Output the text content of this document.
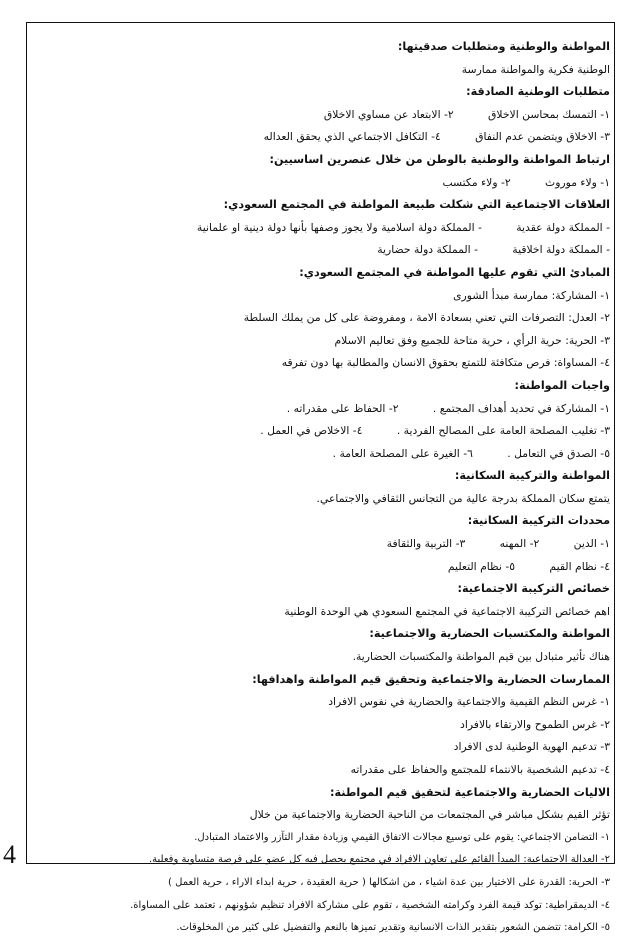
المواطنة والوطنية ومتطلبات صدقيتها:
الوطنية فكرية والمواطنة ممارسة
متطلبات الوطنية الصادقة:
١- التمسك بمحاسن الاخلاق          ٢- الابتعاد عن مساوي الاخلاق
٣- الاخلاق ويتضمن عدم النفاق          ٤- التكافل الاجتماعي الذي يحقق العداله
ارتباط المواطنة والوطنية بالوطن من خلال عنصرين اساسيين:
١- ولاء موروث          ٢- ولاء مكتسب
العلاقات الاجتماعية التي شكلت طبيعة المواطنة في المجتمع السعودي:
- المملكة دولة عقدية          - المملكة دولة اسلامية ولا يجوز وصفها بأنها دولة دينية او علمانية
- المملكة دولة اخلاقية          - المملكة دولة حضارية
المبادئ التي تقوم عليها المواطنة في المجتمع السعودي:
١- المشاركة: ممارسة مبدأ الشورى
٢- العدل: التصرفات التي تعني بسعادة الامة ، ومفروضة على كل من يملك السلطة
٣- الحرية: حرية الرأي ، حرية متاحة للجميع وفق تعاليم الاسلام
٤- المساواة: فرص متكافئة للتمتع بحقوق الانسان والمطالبة بها دون تفرقه
واجبات المواطنة:
١- المشاركة في تحديد أهداف المجتمع .          ٢- الحفاظ على مقدراته .
٣- تغليب المصلحة العامة على المصالح الفردية .          ٤- الاخلاص في العمل .
٥- الصدق في التعامل .          ٦- الغيرة على المصلحة العامة .
المواطنة والتركيبة السكانية:
يتمتع سكان المملكة بدرجة عالية من التجانس الثقافي والاجتماعي.
محددات التركيبة السكانية:
١- الدين          ٢- المهنه          ٣- التربية والثقافة
٤- نظام القيم          ٥- نظام التعليم
خصائص التركيبة الاجتماعية:
اهم خصائص التركيبة الاجتماعية في المجتمع السعودي هي الوحدة الوطنية
المواطنة والمكتسبات الحضارية والاجتماعية:
هناك تأثير متبادل بين قيم المواطنة والمكتسبات الحضارية.
الممارسات الحضارية والاجتماعية وتحقيق قيم المواطنة واهدافها:
١- غرس النظم القيمية والاجتماعية والحضارية في نفوس الافراد
٢- غرس الطموح والارتقاء بالافراد
٣- تدعيم الهوية الوطنية لدى الافراد
٤- تدعيم الشخصية بالانتماء للمجتمع والحفاظ على مقدراته
الاليات الحضارية والاجتماعية لتحقيق قيم المواطنة:
تؤثر القيم بشكل مباشر في المجتمعات من الناحية الحضارية والاجتماعية من خلال
١- التضامن الاجتماعي: يقوم على توسيع مجالات الاتفاق القيمي وزيادة مقدار التآزر والاعتماد المتبادل.
٢- العدالة الاجتماعية: المبدأ القائم على تعاون الافراد في مجتمع يحصل فيه كل عضو على فرصة متساوية وفعلية.
٣- الحرية: القدرة على الاختيار بين عدة اشياء ، من اشكالها ( حرية العقيدة ، حرية ابداء الاراء ، حرية العمل )
٤- الديمقراطية: توكد قيمة الفرد وكرامته الشخصية ، تقوم على مشاركة الافراد تنظيم شؤونهم ، تعتمد على المساواة.
٥- الكرامة: تتضمن الشعور بتقدير الذات الانسانية وتقدير تميزها بالنعم والتفضيل على كثير من المخلوقات.
4
